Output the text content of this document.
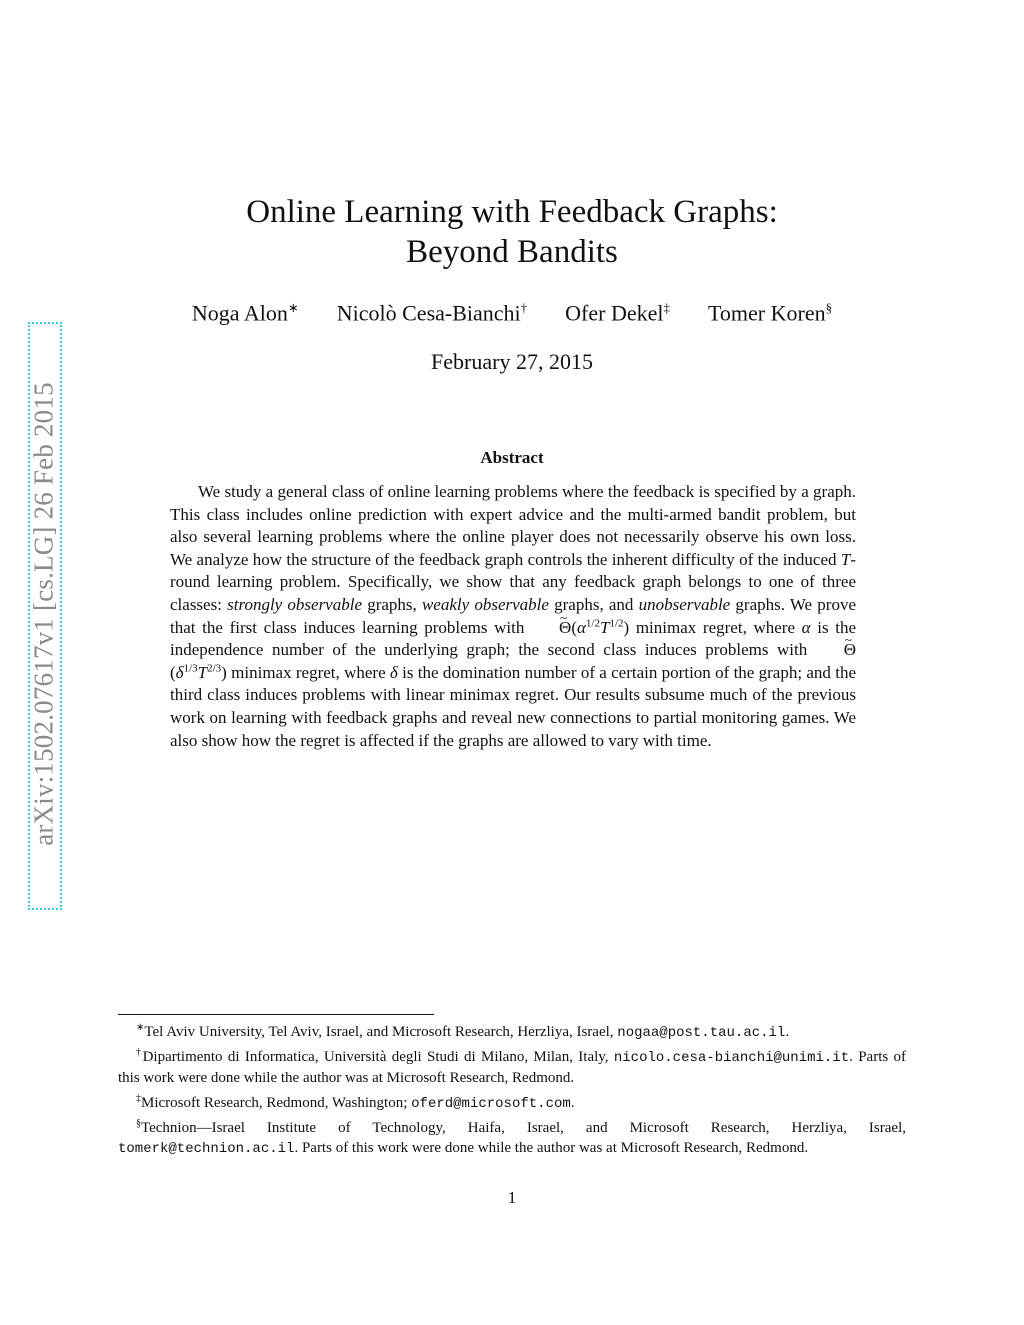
arXiv:1502.07617v1 [cs.LG] 26 Feb 2015
Online Learning with Feedback Graphs:
Beyond Bandits
Noga Alon∗ Nicolò Cesa-Bianchi† Ofer Dekel‡ Tomer Koren§
February 27, 2015
Abstract

We study a general class of online learning problems where the feedback is specified by a graph. This class includes online prediction with expert advice and the multi-armed bandit problem, but also several learning problems where the online player does not necessarily observe his own loss. We analyze how the structure of the feedback graph controls the inherent difficulty of the induced T-round learning problem. Specifically, we show that any feedback graph belongs to one of three classes: strongly observable graphs, weakly observable graphs, and unobservable graphs. We prove that the first class induces learning problems with ~ $\Theta(\alpha^{1/2}T^{1/2})$ minimax regret, where α is the independence number of the underlying graph; the second class induces problems with ~ $\Theta(\delta^{1/3}T^{2/3})$ minimax regret, where δ is the domination number of a certain portion of the graph; and the third class induces problems with linear minimax regret. Our results subsume much of the previous work on learning with feedback graphs and reveal new connections to partial monitoring games. We also show how the regret is affected if the graphs are allowed to vary with time.

∗Tel Aviv University, Tel Aviv, Israel, and Microsoft Research, Herzliya, Israel, nogaa@post.tau.ac.il.

†Dipartimento di Informatica, Università degli Studi di Milano, Milan, Italy, nicolo.cesa-bianchi@unimi.it. Parts of this work were done while the author was at Microsoft Research, Redmond.

‡Microsoft Research, Redmond, Washington; oferd@microsoft.com.

§Technion—Israel Institute of Technology, Haifa, Israel, and Microsoft Research, Herzliya, Israel, tomerk@technion.ac.il. Parts of this work were done while the author was at Microsoft Research, Redmond.

1
